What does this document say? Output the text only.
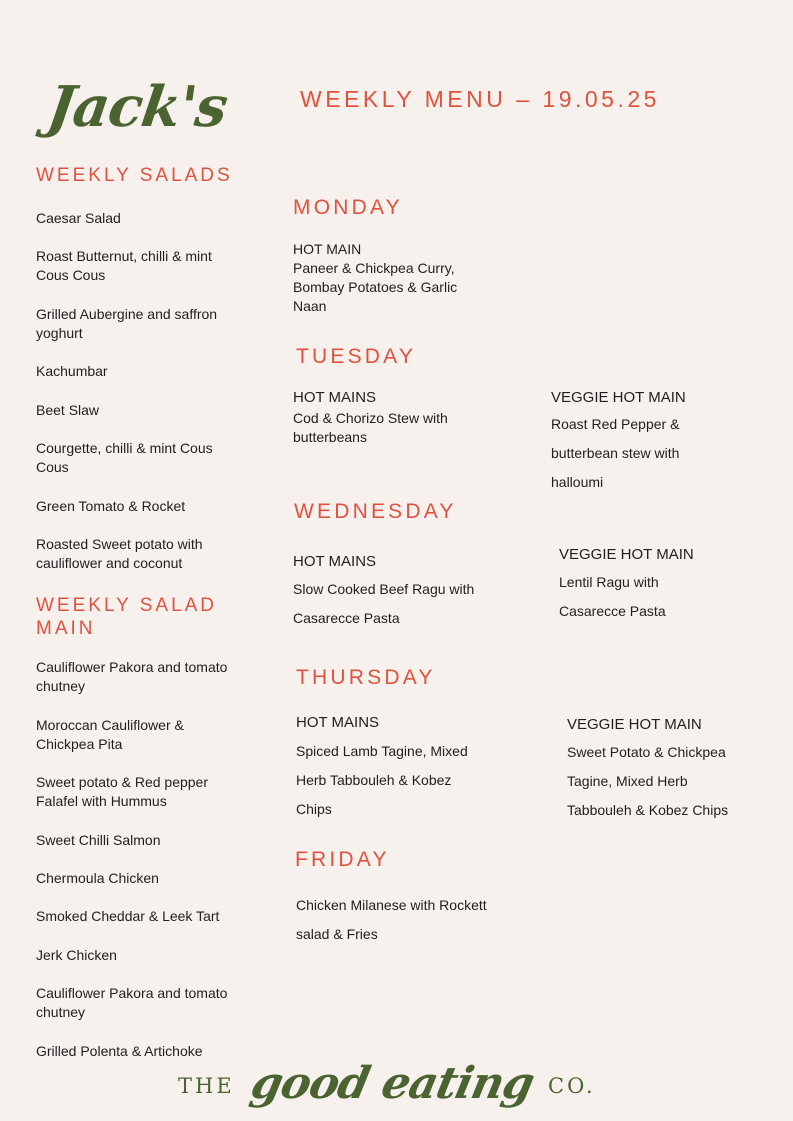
Jack's	WEEKLY MENU – 19.05.25
WEEKLY SALADS
Caesar Salad
Roast Butternut, chilli & mint Cous Cous
Grilled Aubergine and saffron yoghurt
Kachumbar
Beet Slaw
Courgette, chilli & mint Cous Cous
Green Tomato & Rocket
Roasted Sweet potato with cauliflower and coconut
WEEKLY SALAD
MAIN
Cauliflower Pakora and tomato chutney
Moroccan Cauliflower & Chickpea Pita
Sweet potato & Red pepper Falafel with Hummus
Sweet Chilli Salmon
Chermoula Chicken
Smoked Cheddar & Leek Tart
Jerk Chicken
Cauliflower Pakora and tomato chutney
Grilled Polenta & Artichoke
MONDAY
HOT MAIN
Paneer & Chickpea Curry, Bombay Potatoes & Garlic Naan
TUESDAY
HOT MAINS
Cod & Chorizo Stew with butterbeans
VEGGIE HOT MAIN
Roast Red Pepper & butterbean stew with halloumi
WEDNESDAY
HOT MAINS
Slow Cooked Beef Ragu with Casarecce Pasta
VEGGIE HOT MAIN
Lentil Ragu with Casarecce Pasta
THURSDAY
HOT MAINS
Spiced Lamb Tagine, Mixed Herb Tabbouleh & Kobez Chips
VEGGIE HOT MAIN
Sweet Potato & Chickpea Tagine, Mixed Herb Tabbouleh & Kobez Chips
FRIDAY
Chicken Milanese with Rockett salad & Fries
THE good eating CO.
